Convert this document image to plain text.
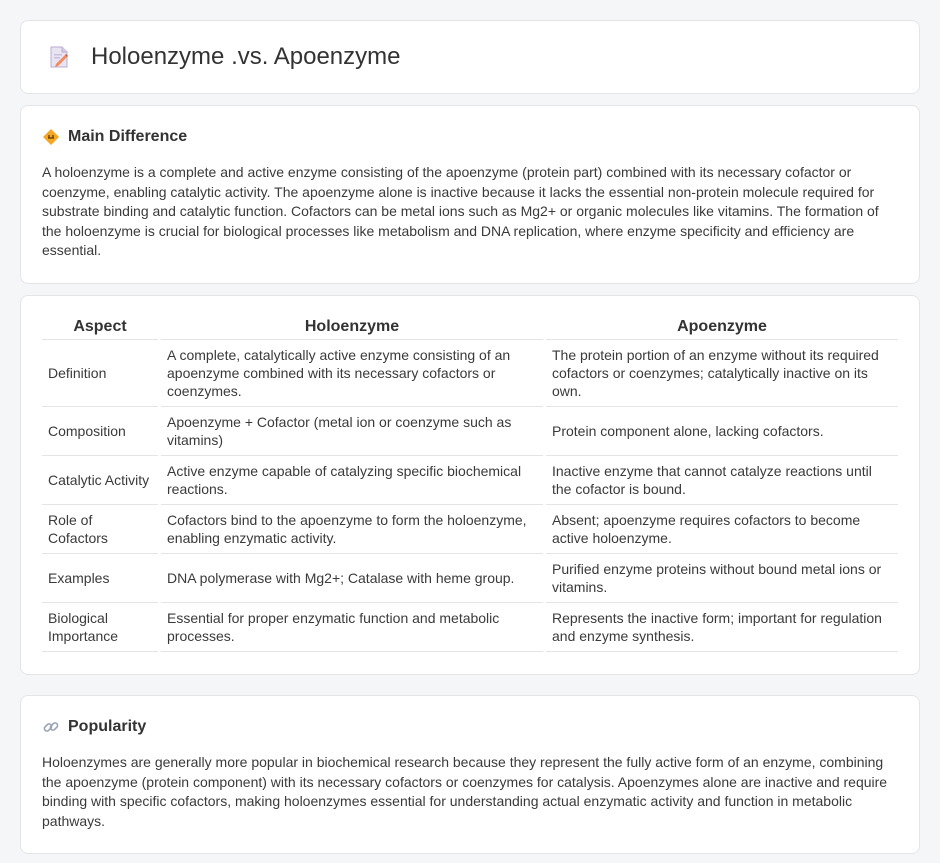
Holoenzyme .vs. Apoenzyme
Main Difference

A holoenzyme is a complete and active enzyme consisting of the apoenzyme (protein part) combined with its necessary cofactor or coenzyme, enabling catalytic activity. The apoenzyme alone is inactive because it lacks the essential non-protein molecule required for substrate binding and catalytic function. Cofactors can be metal ions such as Mg2+ or organic molecules like vitamins. The formation of the holoenzyme is crucial for biological processes like metabolism and DNA replication, where enzyme specificity and efficiency are essential.

Aspect	Holoenzyme	Apoenzyme
Definition	A complete, catalytically active enzyme consisting of an apoenzyme combined with its necessary cofactors or coenzymes.	The protein portion of an enzyme without its required cofactors or coenzymes; catalytically inactive on its own.
Composition	Apoenzyme + Cofactor (metal ion or coenzyme such as vitamins)	Protein component alone, lacking cofactors.
Catalytic Activity	Active enzyme capable of catalyzing specific biochemical reactions.	Inactive enzyme that cannot catalyze reactions until the cofactor is bound.
Role of Cofactors	Cofactors bind to the apoenzyme to form the holoenzyme, enabling enzymatic activity.	Absent; apoenzyme requires cofactors to become active holoenzyme.
Examples	DNA polymerase with Mg2+; Catalase with heme group.	Purified enzyme proteins without bound metal ions or vitamins.
Biological Importance	Essential for proper enzymatic function and metabolic processes.	Represents the inactive form; important for regulation and enzyme synthesis.
Popularity

Holoenzymes are generally more popular in biochemical research because they represent the fully active form of an enzyme, combining the apoenzyme (protein component) with its necessary cofactors or coenzymes for catalysis. Apoenzymes alone are inactive and require binding with specific cofactors, making holoenzymes essential for understanding actual enzymatic activity and function in metabolic pathways.
